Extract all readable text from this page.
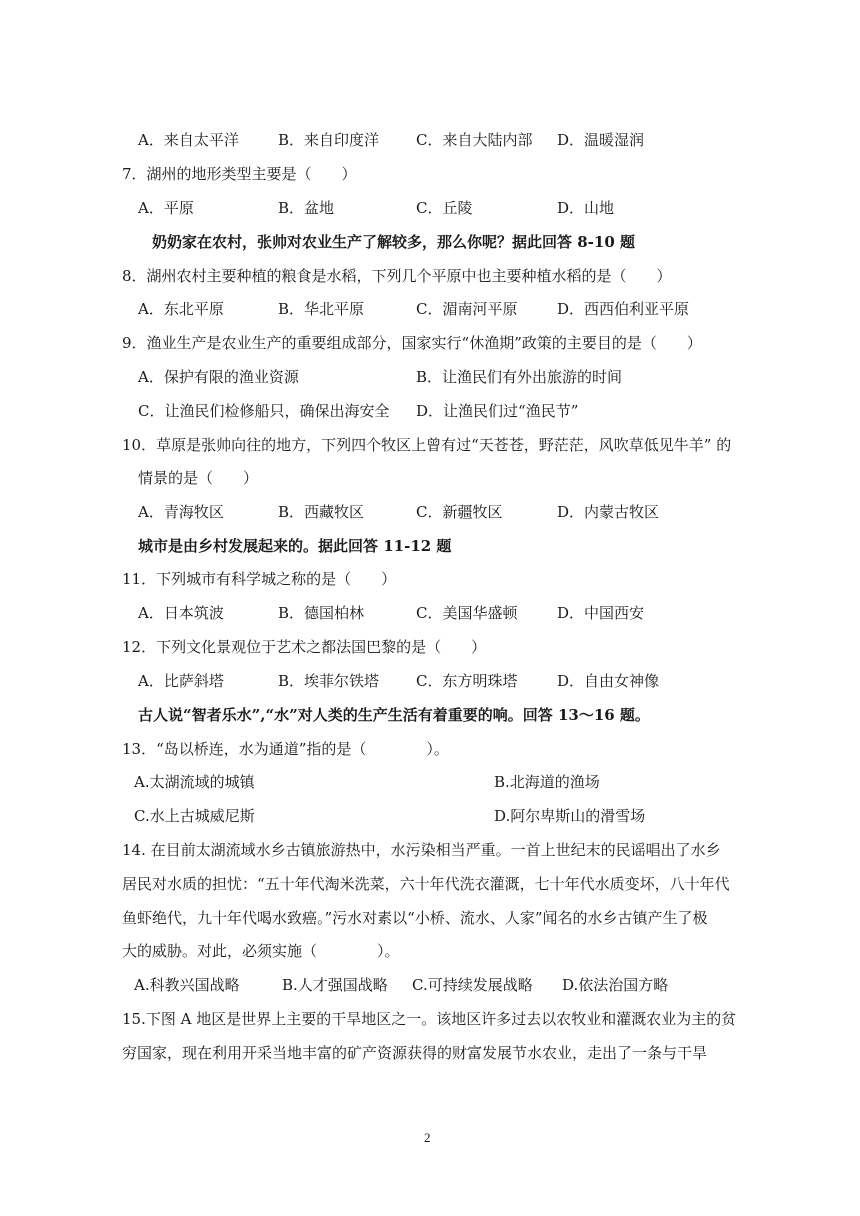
A．来自太平洋	B．来自印度洋 C．来自大陆内部 D．温暖湿润
7．湖州的地形类型主要是（　　）
A．平原	B．盆地	C．丘陵	D．山地
奶奶家在农村，张帅对农业生产了解较多，那么你呢？据此回答 8-10 题
8．湖州农村主要种植的粮食是水稻，下列几个平原中也主要种植水稻的是（　　）
A．东北平原	B．华北平原	C．湄南河平原	D．西西伯利亚平原
9．渔业生产是农业生产的重要组成部分，国家实行“休渔期”政策的主要目的是（　　）
A．保护有限的渔业资源	B．让渔民们有外出旅游的时间
C．让渔民们检修船只，确保出海安全 D．让渔民们过“渔民节”
10．草原是张帅向往的地方，下列四个牧区上曾有过“天苍苍，野茫茫，风吹草低见牛羊” 的
情景的是（　　）
A．青海牧区	B．西藏牧区	C．新疆牧区	D．内蒙古牧区
城市是由乡村发展起来的。据此回答 11-12 题
11．下列城市有科学城之称的是（　　）
A．日本筑波	B．德国柏林	C．美国华盛顿	D．中国西安
12．下列文化景观位于艺术之都法国巴黎的是（　　）
A．比萨斜塔	B．埃菲尔铁塔 C．东方明珠塔	D．自由女神像
古人说“智者乐水”,“水”对人类的生产生活有着重要的响。回答 13～16 题。
13．“岛以桥连，水为通道”指的是（　　　　）。
A.太湖流域的城镇	B.北海道的渔场
C.水上古城威尼斯	D.阿尔卑斯山的滑雪场
14. 在目前太湖流域水乡古镇旅游热中，水污染相当严重。一首上世纪末的民谣唱出了水乡
居民对水质的担忧：“五十年代淘米洗菜，六十年代洗衣灌溉，七十年代水质变坏，八十年代
鱼虾绝代，九十年代喝水致癌。”污水对素以“小桥、流水、人家”闻名的水乡古镇产生了极
大的威胁。对此，必须实施（　　　　）。
A.科教兴国战略	B.人才强国战略 C.可持续发展战略 D.依法治国方略
15.下图 A 地区是世界上主要的干旱地区之一。该地区许多过去以农牧业和灌溉农业为主的贫
穷国家，现在利用开采当地丰富的矿产资源获得的财富发展节水农业，走出了一条与干旱
2
